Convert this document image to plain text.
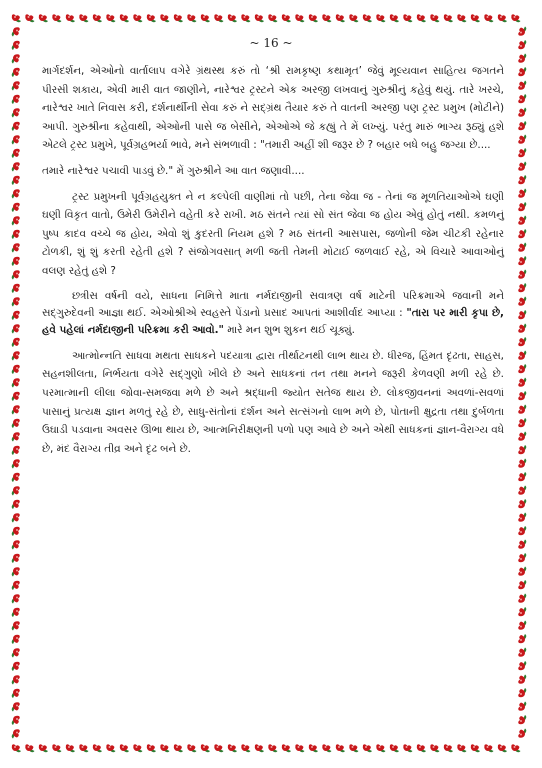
~ 16 ~

માર્ગદર્શન, એઓનો વાર્તાલાપ વગેરે ગ્રંથસ્થ કરું તો ‘શ્રી રામકૃષ્ણ કથામૃત’ જેવું મૂલ્યવાન સાહિત્ય જગતને પીરસી શકાય, એવી મારી વાત જાણીને, નારેશ્વર ટ્રસ્ટને એક અરજી લખવાનું ગુરુશ્રીનું કહેવું થયું. તારે ખરચે, નારેશ્વર ખાતે નિવાસ કરી, દર્શનાર્થીની સેવા કરું ને સદ્ગ્રંથ તૈયાર કરું તે વાતની અરજી પણ ટ્રસ્ટ પ્રમુખ (મોટીને) આપી. ગુરુશ્રીના કહેવાથી, એઓની પાસે જ બેસીને, એઓએ જે કહ્યું તે મેં લખ્યું. પરંતુ મારું ભાગ્ય રૂઠ્યું હશે એટલે ટ્રસ્ટ પ્રમુખે, પૂર્વગ્રહભર્યા ભાવે, મને સંભળાવી : "તમારી અહીં શી જરૂર છે ? બહાર બધે બહુ જગ્યા છે....

તમારે નારેશ્વર પચાવી પાડવું છે." મેં ગુરુશ્રીને આ વાત જણાવી....

ટ્રસ્ટ પ્રમુખની પૂર્વગ્રહયુક્ત ને ન કલ્પેલી વાણીમાં તો પછી, તેના જેવા જ - તેનાં જ મૂળતિયાઓએ ઘણી ઘણી વિકૃત વાતો, ઉમેરી ઉમેરીને વહેતી કરે રાખી. મઠ સંતને ત્યાં સો સંત જેવા જ હોય એવું હોતું નથી. કમળનું પુષ્પ કાદવ વચ્ચે જ હોય, એવો શું કુદરતી નિયમ હશે ? મઠ સંતની આસપાસ, જળોની જેમ ચીટકી રહેનાર ટોળકી, શું શું કરતી રહેતી હશે ? સંજોગવસાત્ મળી જતી તેમની મોટાઈ જળવાઈ રહે, એ વિચારે આવાઓનું વલણ રહેતું હશે ?

છત્રીસ વર્ષની વયે, સાધના નિમિત્તે માતા નર્મદાજીની સવાત્રણ વર્ષ માટેની પરિક્રમાએ જવાની મને સદ્ગુરુદેવની આજ્ઞા થઈ. એઓશ્રીએ સ્વહસ્તે પેંડાનો પ્રસાદ આપતાં આશીર્વાદ આપ્યા : "તારા પર મારી કૃપા છે, હવે પહેલાં નર્મદાજીની પરિક્રમા કરી આવો." મારે મન શુભ શુકન થઈ ચૂક્યું.

આત્મોન્નતિ સાધવા મથતા સાધકને પદયાત્રા દ્વારા તીર્થાટનથી લાભ થાય છે. ધીરજ, હિંમત દૃઢતા, સાહસ, સહનશીલતા, નિર્ભયતા વગેરે સદ્ગુણો ખીલે છે અને સાધકનાં તન તથા મનને જરૂરી કેળવણી મળી રહે છે. પરમાત્માની લીલા જોવા-સમજવા મળે છે અને શ્રદ્ધાની જ્યોત સતેજ થાય છે. લોકજીવનનાં અવળાં-સવળાં પાસાનું પ્રત્યક્ષ જ્ઞાન મળતું રહે છે, સાધુ-સંતોનાં દર્શન અને સત્સંગનો લાભ મળે છે, પોતાની ક્ષુદ્રતા તથા દુર્બળતા ઉઘાડી પડવાના અવસર ઊભા થાય છે, આત્મનિરીક્ષણની પળો પણ આવે છે અને એથી સાધકનાં જ્ઞાન-વૈરાગ્ય વધે છે, મંદ વૈરાગ્ય તીવ્ર અને દૃઢ બને છે.
